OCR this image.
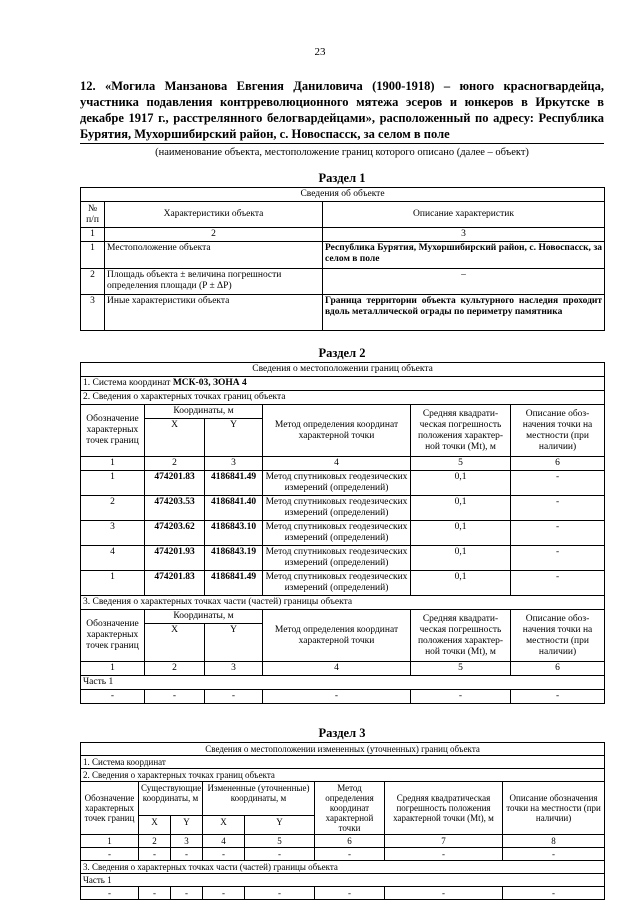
23
12. «Могила Манзанова Евгения Даниловича (1900-1918) – юного красногвардейца, участника подавления контрреволюционного мятежа эсеров и юнкеров в Иркутске в декабре 1917 г., расстрелянного белогвардейцами», расположенный по адресу: Республика Бурятия, Мухоршибирский район, с. Новоспасск, за селом в поле
(наименование объекта, местоположение границ которого описано (далее – объект)
Раздел 1
Сведения об объекте		
№ п/п	Характеристики объекта	Описание характеристик
1	2	3
1	Местоположение объекта	Республика Бурятия, Мухоршибирский район, с. Новоспасск, за селом в поле
2	Площадь объекта ± величина погрешности определения площади (P ± ΔP)	–
3	Иные характеристики объекта	Граница территории объекта культурного наследия проходит вдоль металлической ограды по периметру памятника
Раздел 2
Сведения о местоположении границ объекта					
1. Система координат МСК-03, ЗОНА 4					
2. Сведения о характерных точках границ объекта					
Обозначение характерных точек границ	Координаты, м		Метод определения координат характерной точки	Средняя квадрати-ческая погрешность положения характер-ной точки (Mt), м	Описание обоз-начения точки на местности (при наличии)
	X	Y			
1	2	3	4	5	6
1	474201.83	4186841.49	Метод спутниковых геодезических измерений (определений)	0,1	-
2	474203.53	4186841.40	Метод спутниковых геодезических измерений (определений)	0,1	-
3	474203.62	4186843.10	Метод спутниковых геодезических измерений (определений)	0,1	-
4	474201.93	4186843.19	Метод спутниковых геодезических измерений (определений)	0,1	-
1	474201.83	4186841.49	Метод спутниковых геодезических измерений (определений)	0,1	-
3. Сведения о характерных точках части (частей) границы объекта					
Обозначение характерных точек границ	Координаты, м		Метод определения координат характерной точки	Средняя квадрати-ческая погрешность положения характер-ной точки (Mt), м	Описание обоз-начения точки на местности (при наличии)
	X	Y			
1	2	3	4	5	6
Часть 1					
-	-	-	-	-	-
Раздел 3
Сведения о местоположении измененных (уточненных) границ объекта							
1. Система координат							
2. Сведения о характерных точках границ объекта							
Обозначение характерных точек границ	Существующие координаты, м		Измененные (уточненные) координаты, м		Метод определения координат характерной точки	Средняя квадратическая погрешность положения характерной точки (Mt), м	Описание обозначения точки на местности (при наличии)
	X	Y	X	Y			
1	2	3	4	5	6	7	8
-	-	-	-	-	-	-	-
3. Сведения о характерных точках части (частей) границы объекта							
Часть 1							
-	-	-	-	-	-	-	-
